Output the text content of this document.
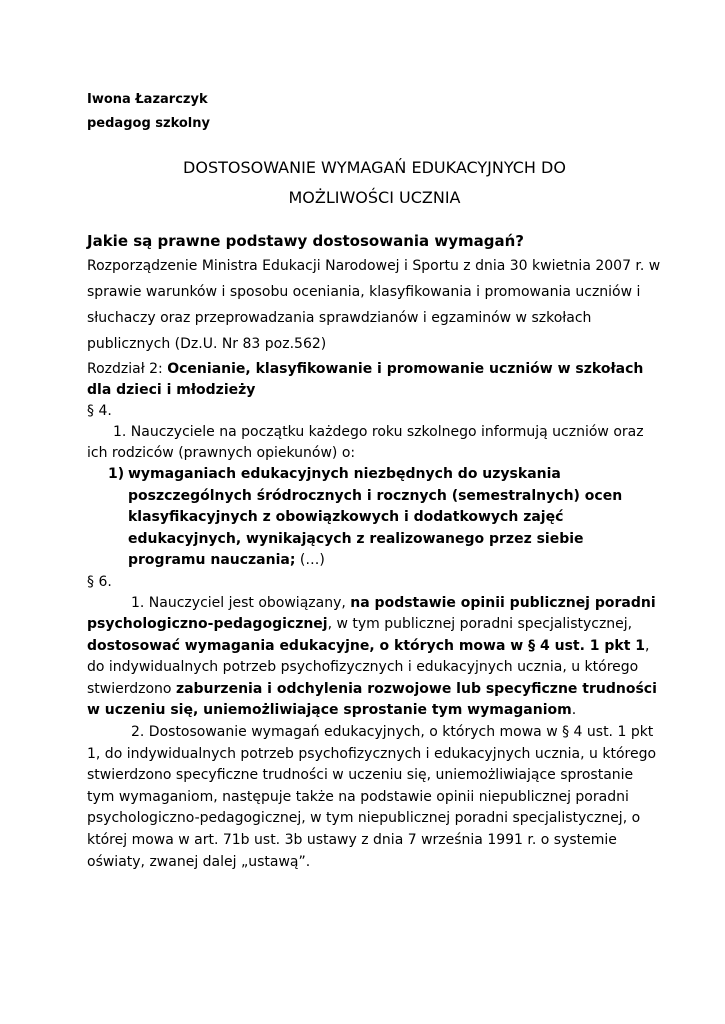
Iwona Łazarczyk
pedagog szkolny
DOSTOSOWANIE WYMAGAŃ EDUKACYJNYCH DO
MOŻLIWOŚCI UCZNIA
Jakie są prawne podstawy dostosowania wymagań?
Rozporządzenie Ministra Edukacji Narodowej i Sportu z dnia 30 kwietnia 2007 r. w sprawie warunków i sposobu oceniania, klasyfikowania i promowania uczniów i słuchaczy oraz przeprowadzania sprawdzianów i egzaminów w szkołach publicznych (Dz.U. Nr 83 poz.562)
Rozdział 2: Ocenianie, klasyfikowanie i promowanie uczniów w szkołach dla dzieci i młodzieży
§ 4.
1. Nauczyciele na początku każdego roku szkolnego informują uczniów oraz ich rodziców (prawnych opiekunów) o:
1) wymaganiach edukacyjnych niezbędnych do uzyskania poszczególnych śródrocznych i rocznych (semestralnych) ocen klasyfikacyjnych z obowiązkowych i dodatkowych zajęć edukacyjnych, wynikających z realizowanego przez siebie programu nauczania; (…)
§ 6.
1. Nauczyciel jest obowiązany, na podstawie opinii publicznej poradni psychologiczno-pedagogicznej, w tym publicznej poradni specjalistycznej, dostosować wymagania edukacyjne, o których mowa w § 4 ust. 1 pkt 1, do indywidualnych potrzeb psychofizycznych i edukacyjnych ucznia, u którego stwierdzono zaburzenia i odchylenia rozwojowe lub specyficzne trudności w uczeniu się, uniemożliwiające sprostanie tym wymaganiom.
2. Dostosowanie wymagań edukacyjnych, o których mowa w § 4 ust. 1 pkt 1, do indywidualnych potrzeb psychofizycznych i edukacyjnych ucznia, u którego stwierdzono specyficzne trudności w uczeniu się, uniemożliwiające sprostanie tym wymaganiom, następuje także na podstawie opinii niepublicznej poradni psychologiczno-pedagogicznej, w tym niepublicznej poradni specjalistycznej, o której mowa w art. 71b ust. 3b ustawy z dnia 7 września 1991 r. o systemie oświaty, zwanej dalej „ustawą”.
